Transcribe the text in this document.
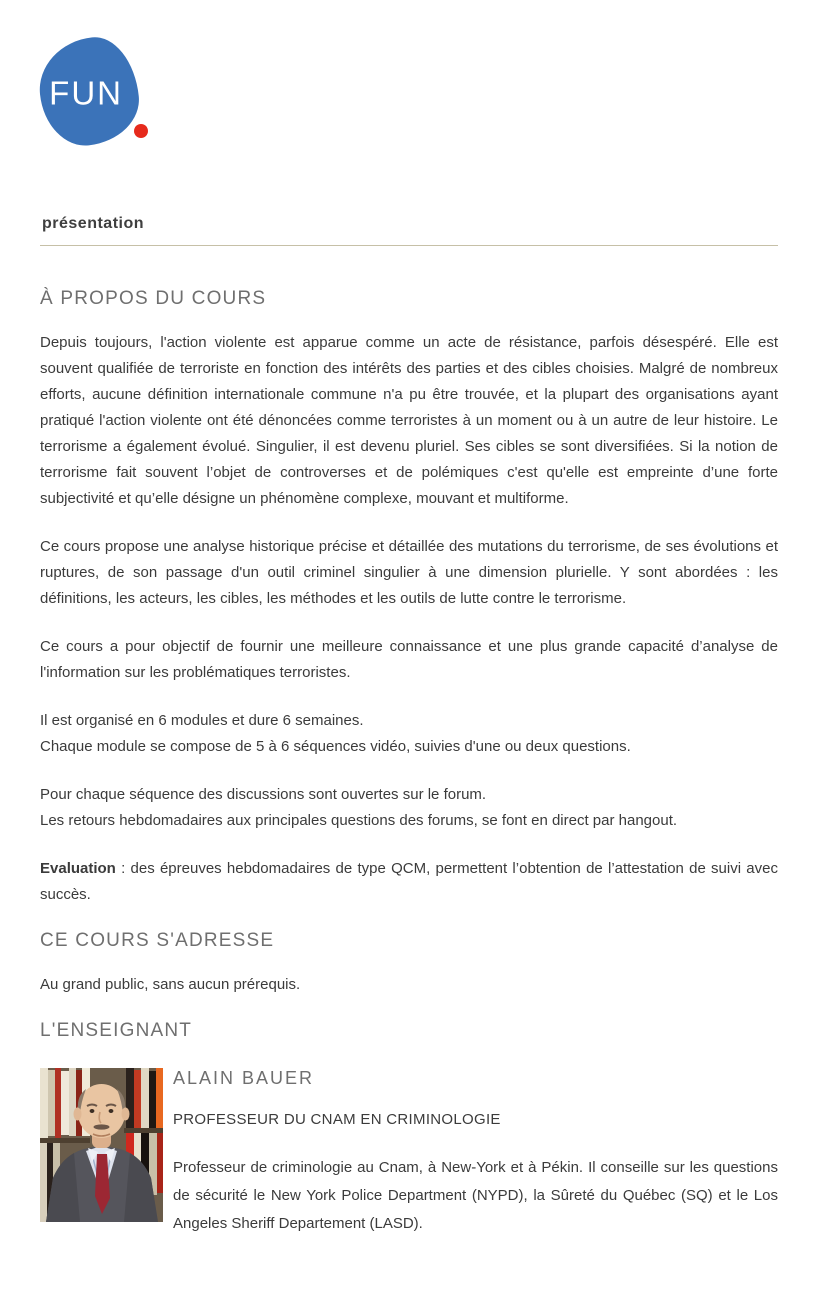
FUN
présentation
À PROPOS DU COURS

Depuis toujours, l'action violente est apparue comme un acte de résistance, parfois désespéré. Elle est souvent qualifiée de terroriste en fonction des intérêts des parties et des cibles choisies. Malgré de nombreux efforts, aucune définition internationale commune n'a pu être trouvée, et la plupart des organisations ayant pratiqué l'action violente ont été dénoncées comme terroristes à un moment ou à un autre de leur histoire. Le terrorisme a également évolué. Singulier, il est devenu pluriel. Ses cibles se sont diversifiées. Si la notion de terrorisme fait souvent l’objet de controverses et de polémiques c'est qu'elle est empreinte d’une forte subjectivité et qu’elle désigne un phénomène complexe, mouvant et multiforme.

Ce cours propose une analyse historique précise et détaillée des mutations du terrorisme, de ses évolutions et ruptures, de son passage d'un outil criminel singulier à une dimension plurielle. Y sont abordées : les définitions, les acteurs, les cibles, les méthodes et les outils de lutte contre le terrorisme.

Ce cours a pour objectif de fournir une meilleure connaissance et une plus grande capacité d’analyse de l'information sur les problématiques terroristes.

Il est organisé en 6 modules et dure 6 semaines.
Chaque module se compose de 5 à 6 séquences vidéo, suivies d'une ou deux questions.

Pour chaque séquence des discussions sont ouvertes sur le forum.
Les retours hebdomadaires aux principales questions des forums, se font en direct par hangout.

Evaluation : des épreuves hebdomadaires de type QCM, permettent l’obtention de l’attestation de suivi avec succès.

CE COURS S'ADRESSE

Au grand public, sans aucun prérequis.

L'ENSEIGNANT
ALAIN BAUER
PROFESSEUR DU CNAM EN CRIMINOLOGIE

Professeur de criminologie au Cnam, à New-York et à Pékin. Il conseille sur les questions de sécurité le New York Police Department (NYPD), la Sûreté du Québec (SQ) et le Los Angeles Sheriff Departement (LASD).
